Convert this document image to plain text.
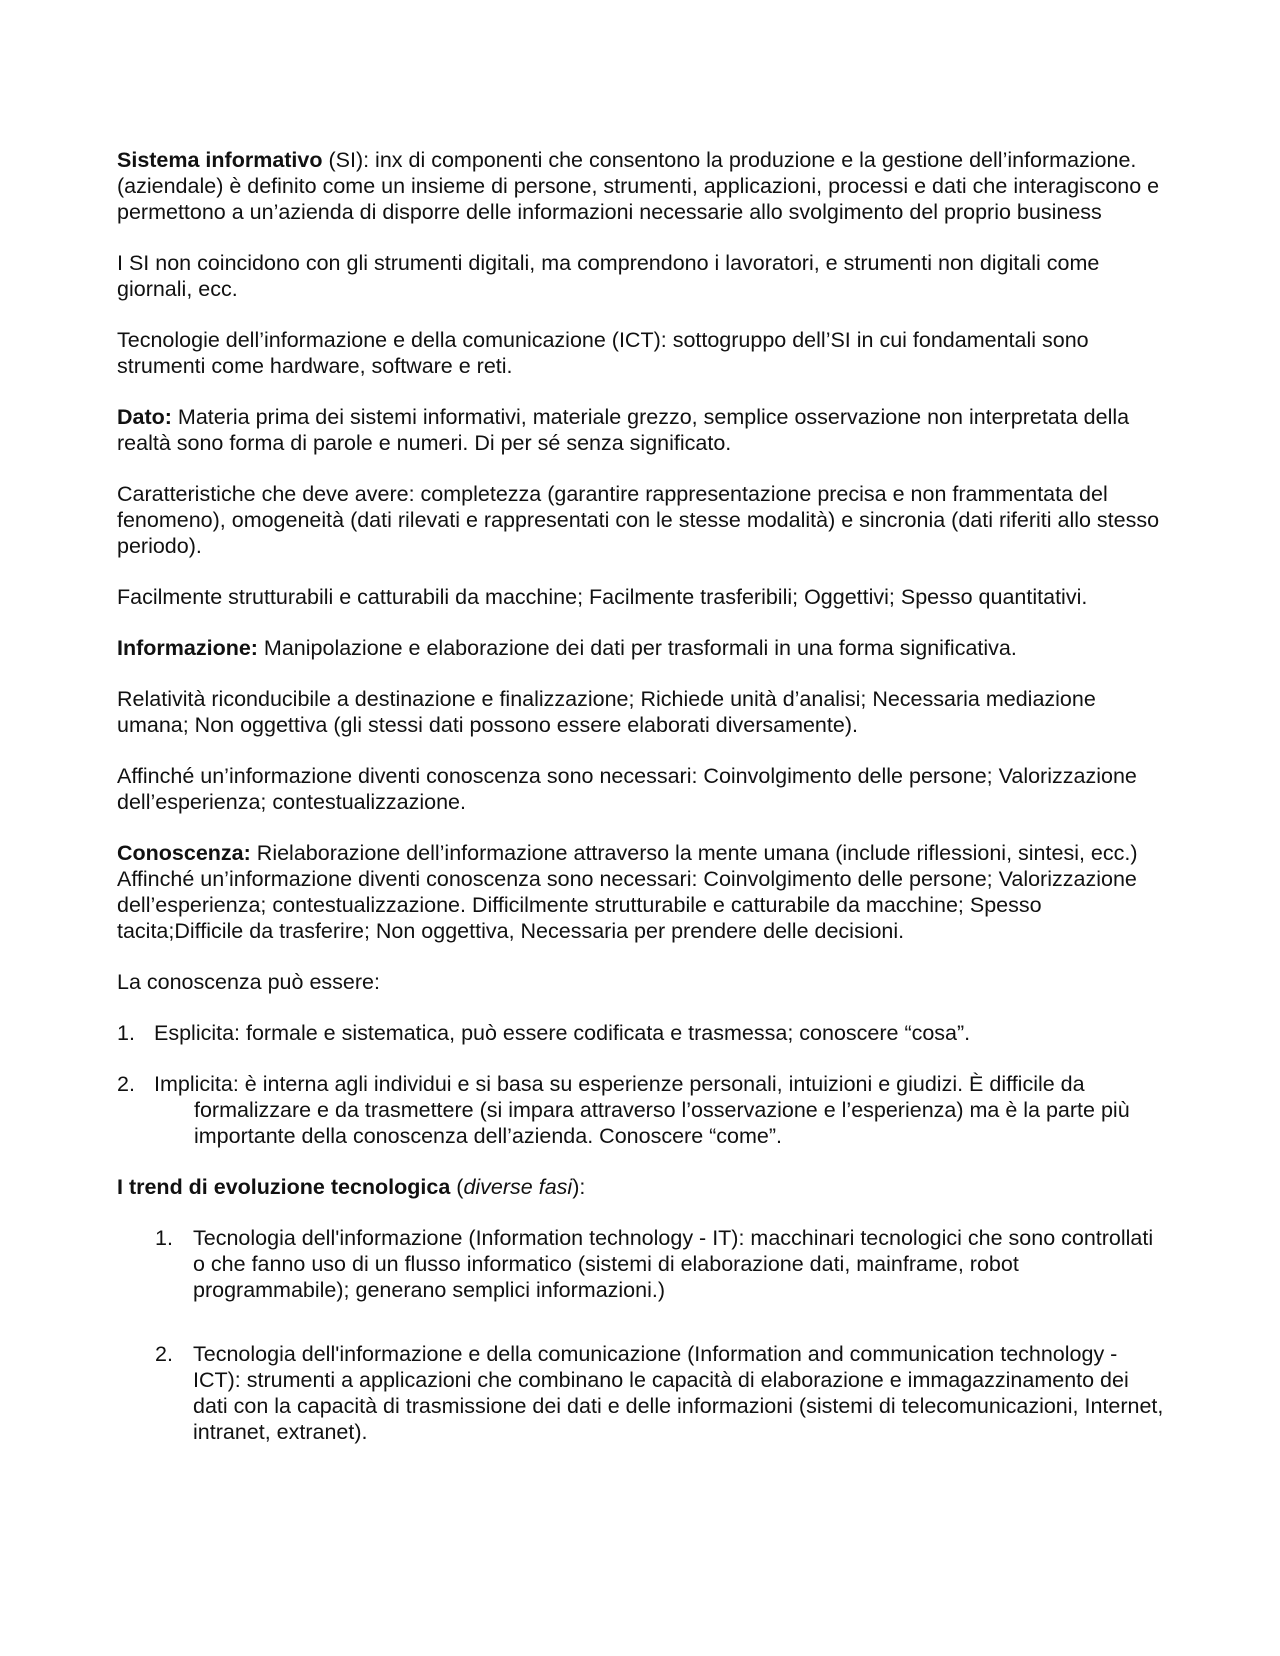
Sistema informativo (SI): inx di componenti che consentono la produzione e la gestione dell’informazione. (aziendale) è definito come un insieme di persone, strumenti, applicazioni, processi e dati che interagiscono e permettono a un’azienda di disporre delle informazioni necessarie allo svolgimento del proprio business

I SI non coincidono con gli strumenti digitali, ma comprendono i lavoratori, e strumenti non digitali come giornali, ecc.

Tecnologie dell’informazione e della comunicazione (ICT): sottogruppo dell’SI in cui fondamentali sono strumenti come hardware, software e reti.

Dato: Materia prima dei sistemi informativi, materiale grezzo, semplice osservazione non interpretata della realtà sono forma di parole e numeri. Di per sé senza significato.

Caratteristiche che deve avere: completezza (garantire rappresentazione precisa e non frammentata del fenomeno), omogeneità (dati rilevati e rappresentati con le stesse modalità) e sincronia (dati riferiti allo stesso periodo).

Facilmente strutturabili e catturabili da macchine; Facilmente trasferibili; Oggettivi; Spesso quantitativi.

Informazione: Manipolazione e elaborazione dei dati per trasformali in una forma significativa.

Relatività riconducibile a destinazione e finalizzazione; Richiede unità d’analisi; Necessaria mediazione umana; Non oggettiva (gli stessi dati possono essere elaborati diversamente).

Affinché un’informazione diventi conoscenza sono necessari: Coinvolgimento delle persone; Valorizzazione dell’esperienza; contestualizzazione.

Conoscenza: Rielaborazione dell’informazione attraverso la mente umana (include riflessioni, sintesi, ecc.) Affinché un’informazione diventi conoscenza sono necessari: Coinvolgimento delle persone; Valorizzazione dell’esperienza; contestualizzazione. Difficilmente strutturabile e catturabile da macchine; Spesso tacita;Difficile da trasferire; Non oggettiva, Necessaria per prendere delle decisioni.

La conoscenza può essere:

1. Esplicita: formale e sistematica, può essere codificata e trasmessa; conoscere “cosa”.
2. Implicita: è interna agli individui e si basa su esperienze personali, intuizioni e giudizi. È difficile da formalizzare e da trasmettere (si impara attraverso l’osservazione e l’esperienza) ma è la parte più importante della conoscenza dell’azienda. Conoscere “come”.

I trend di evoluzione tecnologica (diverse fasi):

1. Tecnologia dell'informazione (Information technology - IT): macchinari tecnologici che sono controllati o che fanno uso di un flusso informatico (sistemi di elaborazione dati, mainframe, robot programmabile); generano semplici informazioni.)
2. Tecnologia dell'informazione e della comunicazione (Information and communication technology - ICT): strumenti a applicazioni che combinano le capacità di elaborazione e immagazzinamento dei dati con la capacità di trasmissione dei dati e delle informazioni (sistemi di telecomunicazioni, Internet, intranet, extranet).
